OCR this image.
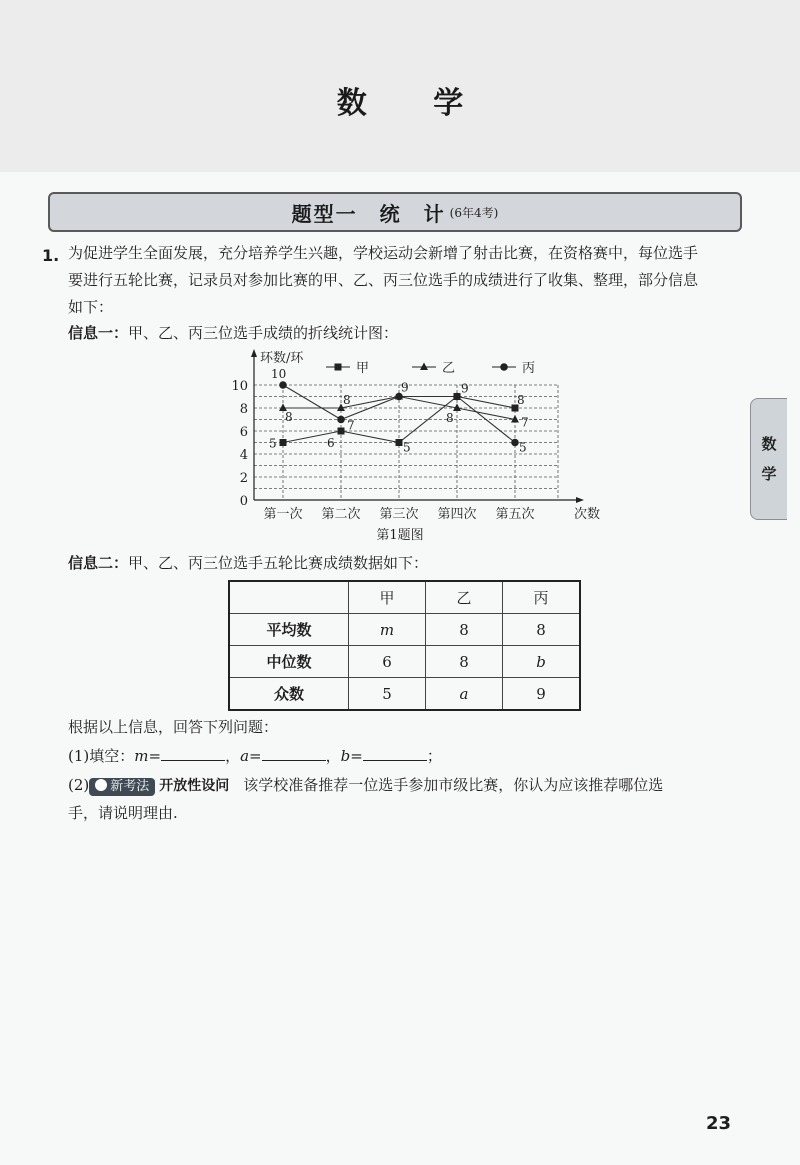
数 学
题型一　统　计 (6年4考)
1. 为促进学生全面发展，充分培养学生兴趣，学校运动会新增了射击比赛，在资格赛中，每位选手
要进行五轮比赛，记录员对参加比赛的甲、乙、丙三位选手的成绩进行了收集、整理，部分信息
如下：
信息一：甲、乙、丙三位选手成绩的折线统计图：
0
2
4
6
8
10
环数/环
第一次 第二次 第三次 第四次 第五次	次数
第1题图
甲	乙	丙
10
8
5
8
7
6
9
5
9
8
8
7
5
信息二：甲、乙、丙三位选手五轮比赛成绩数据如下：
	甲	乙	丙
平均数	m	8	8
中位数	6	8	b
众数	5	a	9
根据以上信息，回答下列问题：
(1)填空：m=	，a=	，b=	；
(2) 新考法 开放性设问 该学校准备推荐一位选手参加市级比赛，你认为应该推荐哪位选
手，请说明理由.
数
学
23
